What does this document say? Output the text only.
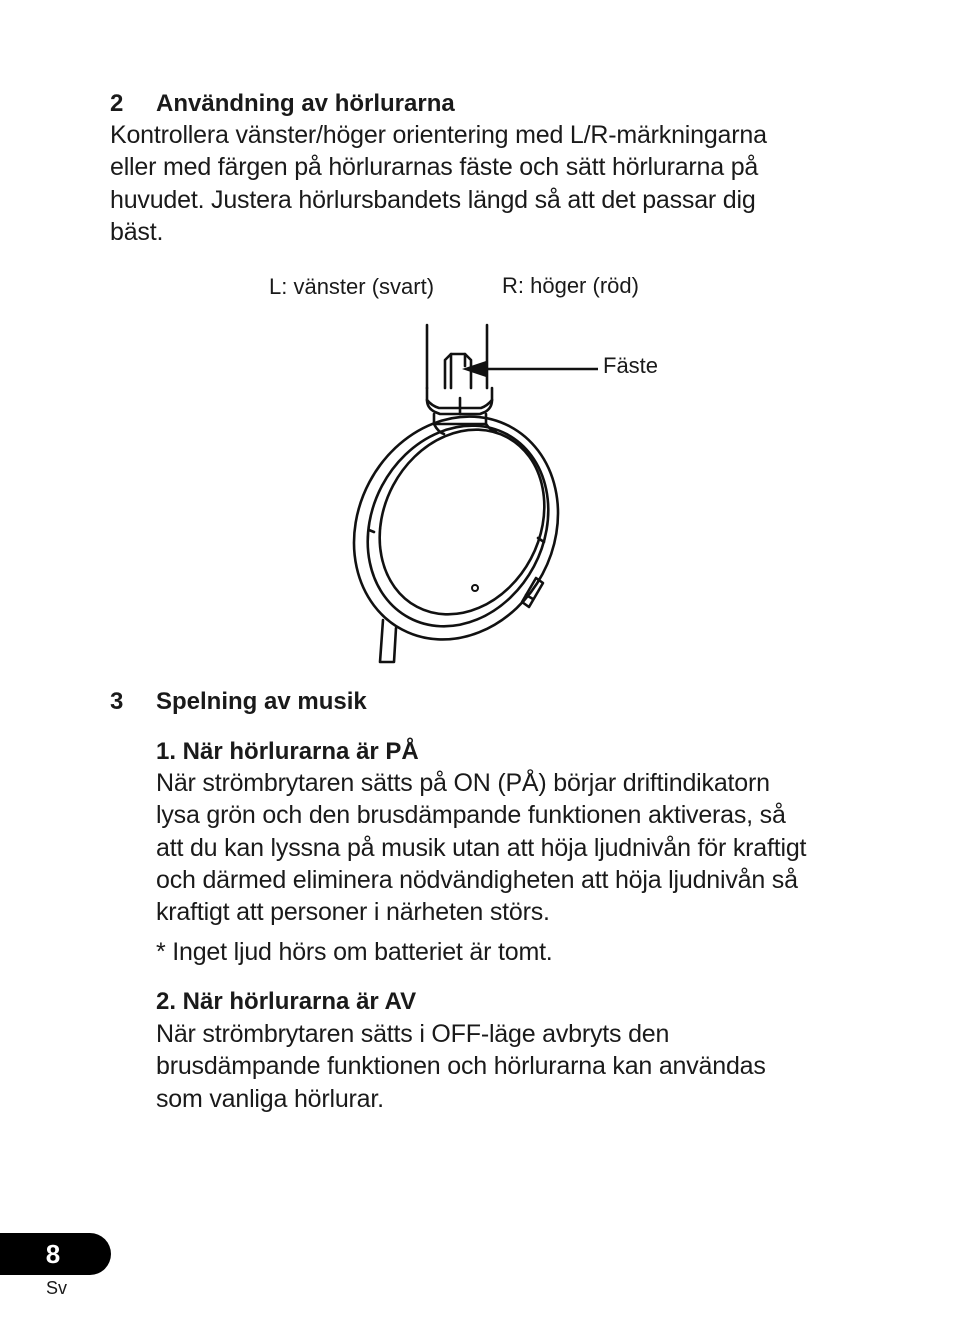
2 Användning av hörlurarna
Kontrollera vänster/höger orientering med L/R-märkningarna
eller med färgen på hörlurarnas fäste och sätt hörlurarna på
huvudet. Justera hörlursbandets längd så att det passar dig
bäst.
L: vänster (svart)	R: höger (röd)
Fäste
3 Spelning av musik
1. När hörlurarna är PÅ
När strömbrytaren sätts på ON (PÅ) börjar driftindikatorn
lysa grön och den brusdämpande funktionen aktiveras, så
att du kan lyssna på musik utan att höja ljudnivån för kraftigt
och därmed eliminera nödvändigheten att höja ljudnivån så
kraftigt att personer i närheten störs.
* Inget ljud hörs om batteriet är tomt.
2. När hörlurarna är AV
När strömbrytaren sätts i OFF-läge avbryts den
brusdämpande funktionen och hörlurarna kan användas
som vanliga hörlurar.
8
Sv
